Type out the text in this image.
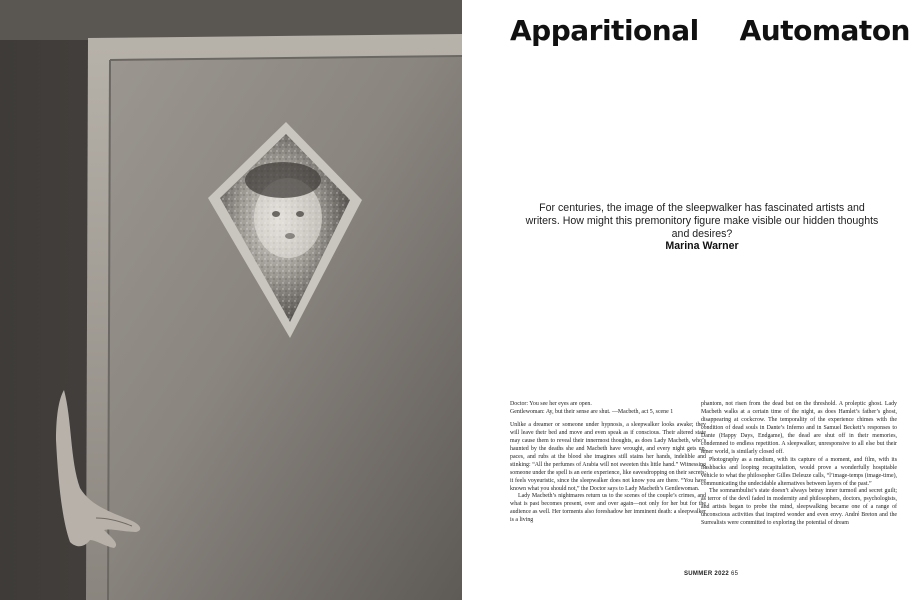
Apparitional Automaton

For centuries, the image of the sleepwalker has fascinated artists and writers. How might this premonitory figure make visible our hidden thoughts and desires?

Marina Warner

Doctor: You see her eyes are open.
Gentlewoman: Ay, but their sense are shut. —Macbeth, act 5, scene 1

Unlike a dreamer or someone under hypnosis, a sleepwalker looks awake; they will leave their bed and move and even speak as if conscious. Their altered state may cause them to reveal their innermost thoughts, as does Lady Macbeth, who’s haunted by the deaths she and Macbeth have wrought, and every night gets up, paces, and rubs at the blood she imagines still stains her hands, indelible and stinking: “All the perfumes of Arabia will not sweeten this little hand.” Witnessing someone under the spell is an eerie experience, like eavesdropping on their secrets; it feels voyeuristic, since the sleepwalker does not know you are there. “You have known what you should not,” the Doctor says to Lady Macbeth’s Gentlewoman.

Lady Macbeth’s nightmares return us to the scenes of the couple’s crimes, and what is past becomes present, over and over again—not only for her but for the audience as well. Her torments also foreshadow her imminent death: a sleepwalker is a living

phantom, not risen from the dead but on the threshold. A proleptic ghost. Lady Macbeth walks at a certain time of the night, as does Hamlet’s father’s ghost, disappearing at cockcrow. The temporality of the experience chimes with the condition of dead souls in Dante’s Inferno and in Samuel Beckett’s responses to Dante (Happy Days, Endgame), the dead are shut off in their memories, condemned to endless repetition. A sleepwalker, unresponsive to all else but their inner world, is similarly closed off.

Photography as a medium, with its capture of a moment, and film, with its flashbacks and looping recapitulation, would prove a wonderfully hospitable vehicle to what the philosopher Gilles Deleuze calls, “l’image-temps (image-time), communicating the undecidable alternatives between layers of the past.”

The somnambulist’s state doesn’t always betray inner turmoil and secret guilt; as terror of the devil faded in modernity and philosophers, doctors, psychologists, and artists began to probe the mind, sleepwalking became one of a range of unconscious activities that inspired wonder and even envy. André Breton and the Surrealists were committed to exploring the potential of dream

SUMMER 2022 65
